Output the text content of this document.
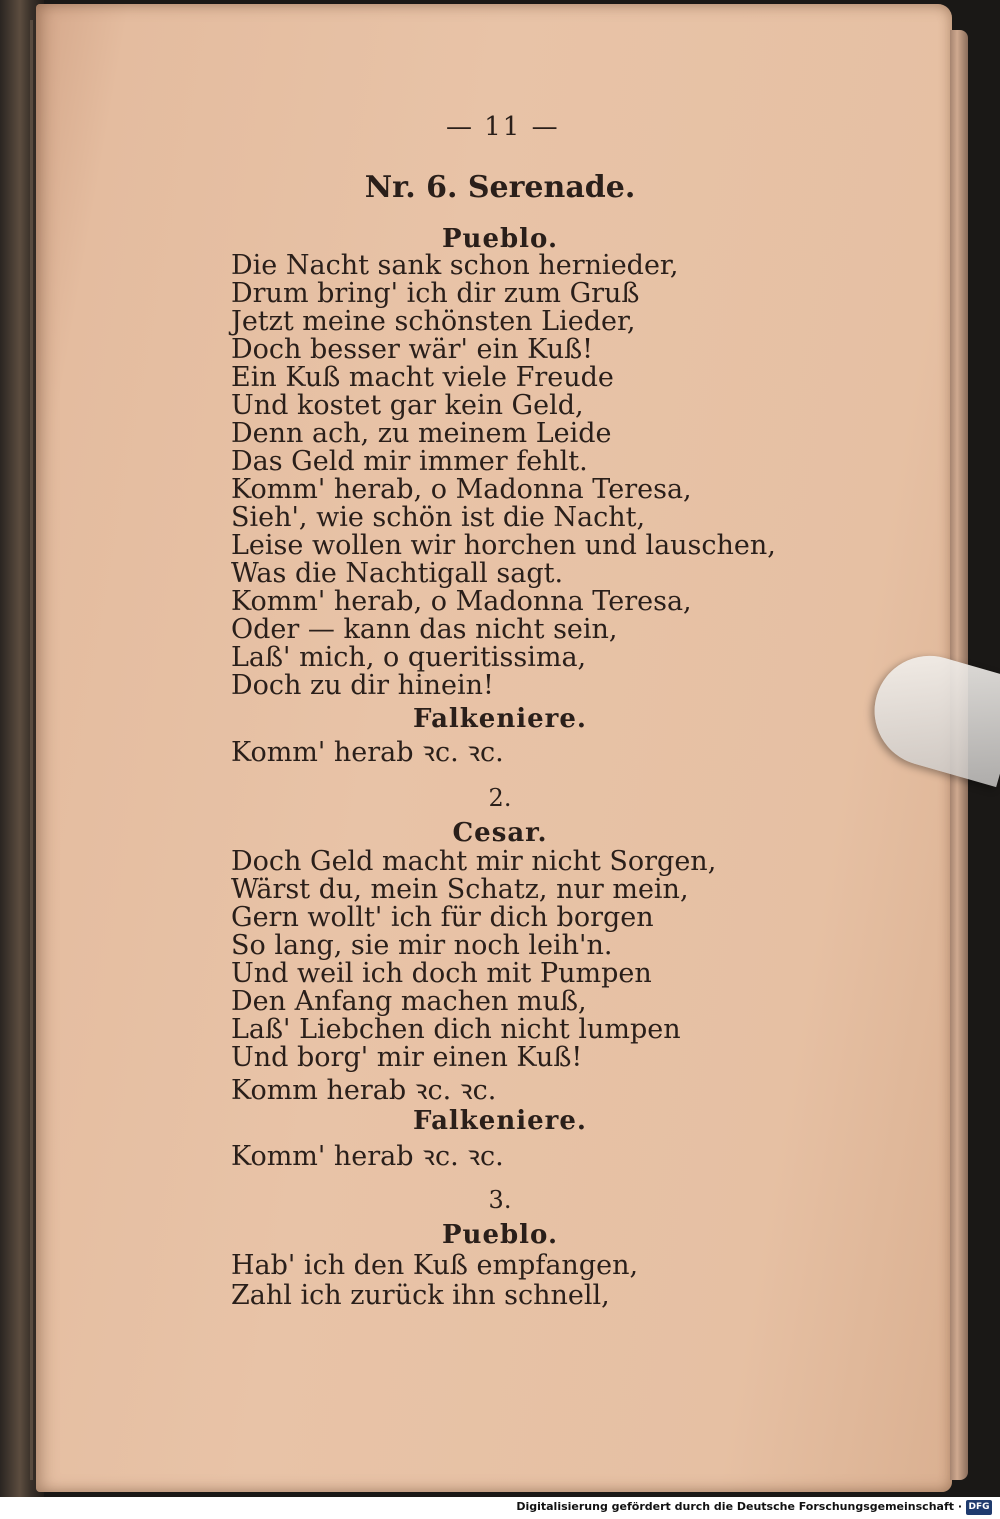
— 11 —
Nr. 6. Serenade.
Pueblo.
Die Nacht sank schon hernieder,
Drum bring' ich dir zum Gruß
Jetzt meine schönsten Lieder,
Doch besser wär' ein Kuß!
Ein Kuß macht viele Freude
Und kostet gar kein Geld,
Denn ach, zu meinem Leide
Das Geld mir immer fehlt.
Komm' herab, o Madonna Teresa,
Sieh', wie schön ist die Nacht,
Leise wollen wir horchen und lauschen,
Was die Nachtigall sagt.
Komm' herab, o Madonna Teresa,
Oder — kann das nicht sein,
Laß' mich, o queritissima,
Doch zu dir hinein!
Falkeniere.
Komm' herab ꝛc. ꝛc.
2.
Cesar.
Doch Geld macht mir nicht Sorgen,
Wärst du, mein Schatz, nur mein,
Gern wollt' ich für dich borgen
So lang, sie mir noch leih'n.
Und weil ich doch mit Pumpen
Den Anfang machen muß,
Laß' Liebchen dich nicht lumpen
Und borg' mir einen Kuß!
Komm herab ꝛc. ꝛc.
Falkeniere.
Komm' herab ꝛc. ꝛc.
3.
Pueblo.
Hab' ich den Kuß empfangen,
Zahl ich zurück ihn schnell,
Digitalisierung gefördert durch die Deutsche Forschungsgemeinschaft · DFG
